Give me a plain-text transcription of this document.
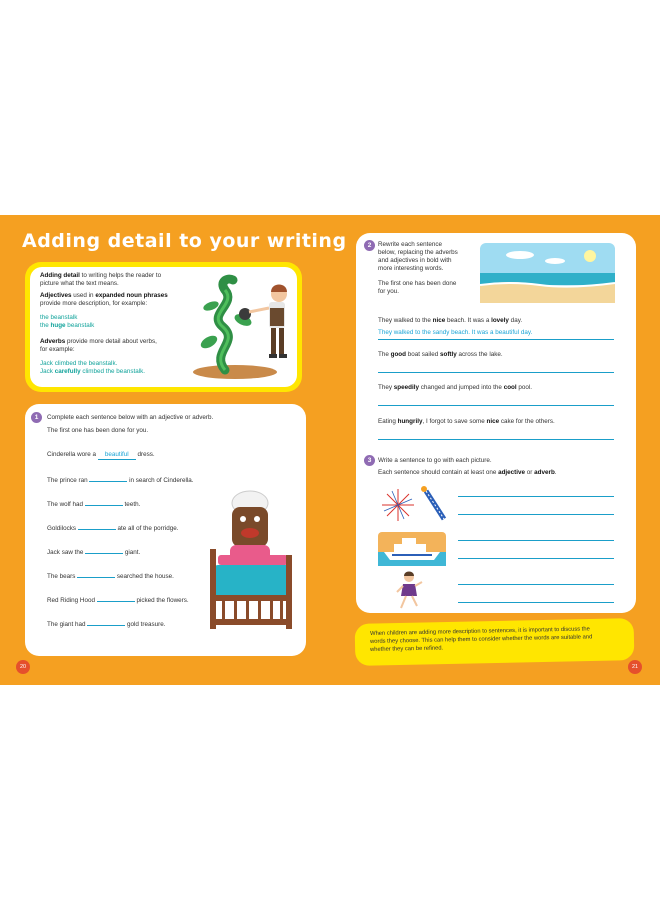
Adding detail to your writing
Adding detail to writing helps the reader to
picture what the text means.
Adjectives used in expanded noun phrases
provide more description, for example:
the beanstalk
the huge beanstalk
Adverbs provide more detail about verbs,
for example:
Jack climbed the beanstalk.
Jack carefully climbed the beanstalk.
1	Complete each sentence below with an adjective or adverb.
The first one has been done for you.
Cinderella wore a beautiful dress.
The prince ran	in search of Cinderella.
The wolf had	teeth.
Goldilocks	ate all of the porridge.
Jack saw the	giant.
The bears	searched the house.
Red Riding Hood	picked the flowers.
The giant had	gold treasure.
20
2	Rewrite each sentence
below, replacing the adverbs
and adjectives in bold with
more interesting words.
The first one has been done
for you.
They walked to the nice beach. It was a lovely day.
They walked to the sandy beach. It was a beautiful day.
The good boat sailed softly across the lake.
They speedily changed and jumped into the cool pool.
Eating hungrily, I forgot to save some nice cake for the others.
3	Write a sentence to go with each picture.
Each sentence should contain at least one adjective or adverb.
When children are adding more description to sentences, it is important to discuss the
words they choose. This can help them to consider whether the words are suitable and
whether they can be refined.
21
